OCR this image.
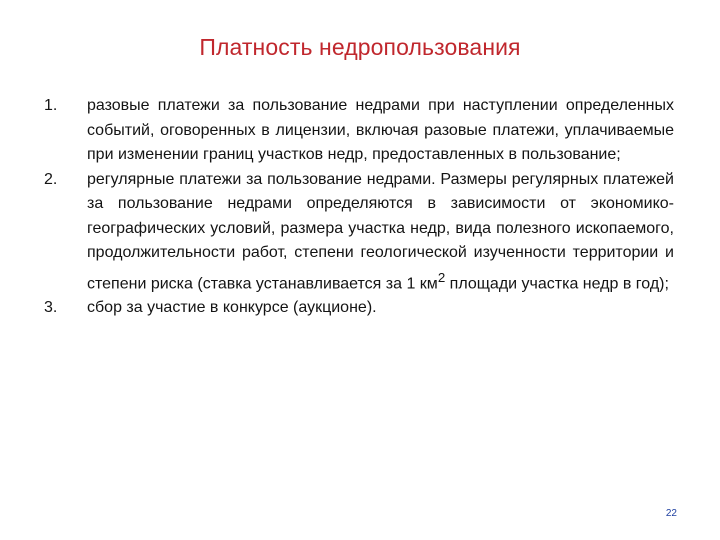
Платность недропользования
1.	разовые платежи за пользование недрами при наступлении определенных событий, оговоренных в лицензии, включая разовые платежи, уплачиваемые при изменении границ участков недр, предоставленных в пользование;
2.	регулярные платежи за пользование недрами. Размеры регулярных платежей за пользование недрами определяются в зависимости от экономико-географических условий, размера участка недр, вида полезного ископаемого, продолжительности работ, степени геологической изученности территории и степени риска (ставка устанавливается за 1 $км^2$ площади участка недр в год);
3.	сбор за участие в конкурсе (аукционе).
22
